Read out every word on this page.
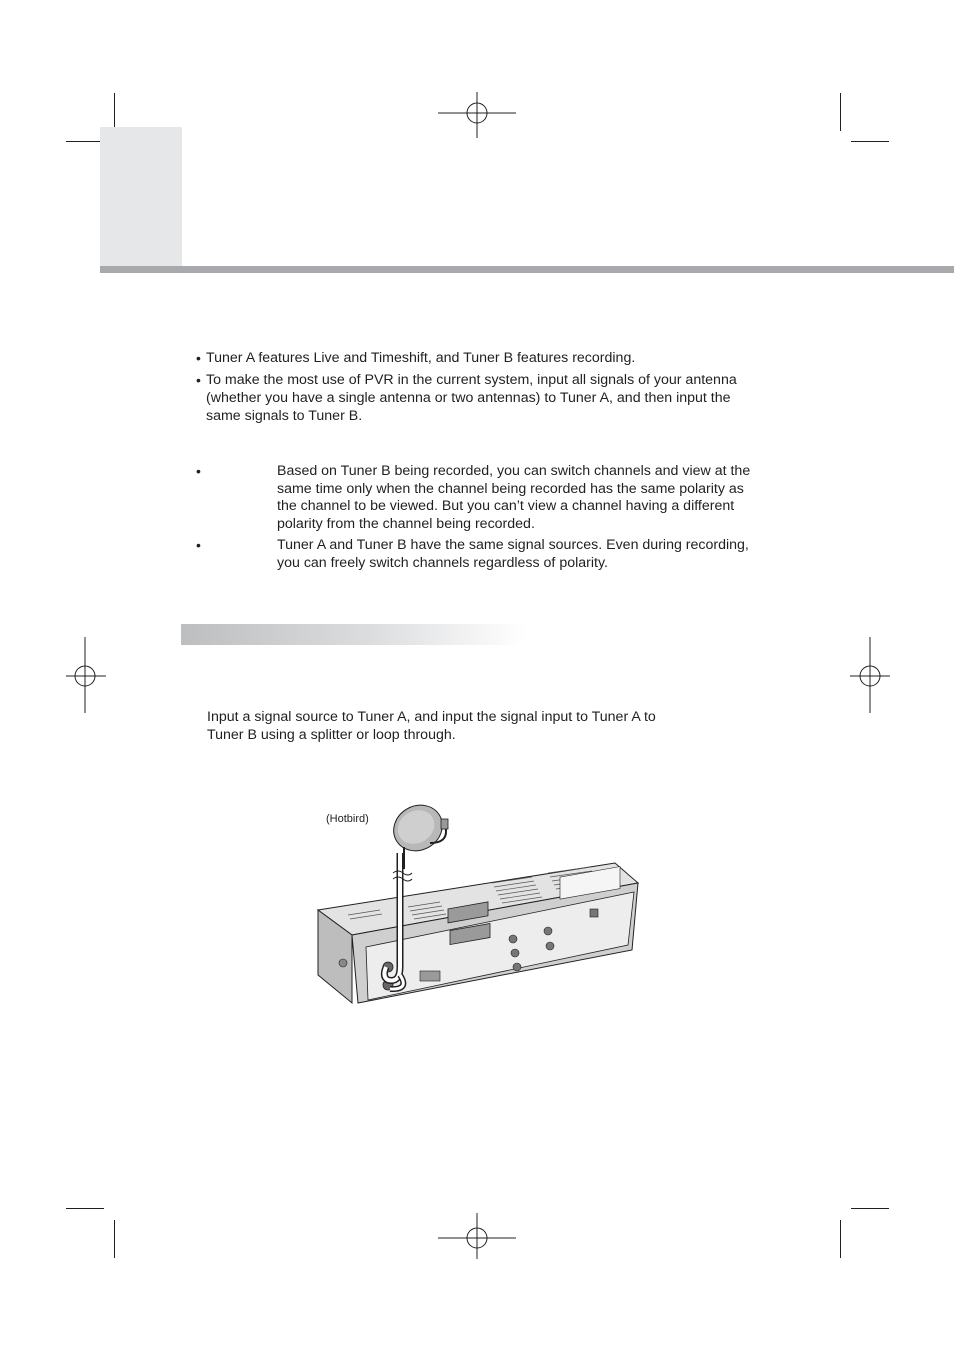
• Tuner A features Live and Timeshift, and Tuner B features recording.
• To make the most use of PVR in the current system, input all signals of your antenna
(whether you have a single antenna or two antennas) to Tuner A, and then input the
same signals to Tuner B.
•	Based on Tuner B being recorded, you can switch channels and view at the
same time only when the channel being recorded has the same polarity as
the channel to be viewed. But you can’t view a channel having a different
polarity from the channel being recorded.
•	Tuner A and Tuner B have the same signal sources. Even during recording,
you can freely switch channels regardless of polarity.
Input a signal source to Tuner A, and input the signal input to Tuner A to
Tuner B using a splitter or loop through.
(Hotbird)
